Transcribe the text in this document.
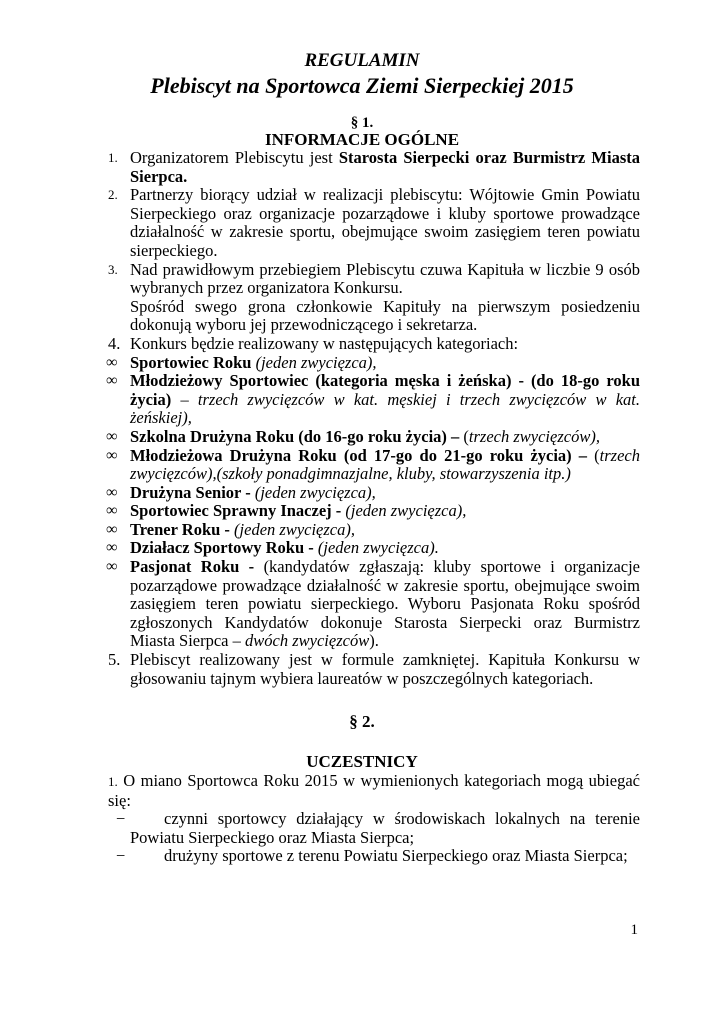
REGULAMIN
Plebiscyt na Sportowca Ziemi Sierpeckiej 2015
§ 1.
INFORMACJE OGÓLNE
1. Organizatorem Plebiscytu jest Starosta Sierpecki oraz Burmistrz Miasta Sierpca.
2. Partnerzy biorący udział w realizacji plebiscytu: Wójtowie Gmin Powiatu Sierpeckiego oraz organizacje pozarządowe i kluby sportowe prowadzące działalność w zakresie sportu, obejmujące swoim zasięgiem teren powiatu sierpeckiego.
3. Nad prawidłowym przebiegiem Plebiscytu czuwa Kapituła w liczbie 9 osób wybranych przez organizatora Konkursu.
Spośród swego grona członkowie Kapituły na pierwszym posiedzeniu dokonują wyboru jej przewodniczącego i sekretarza.
4. Konkurs będzie realizowany w następujących kategoriach:
∞ Sportowiec Roku (jeden zwycięzca),
∞ Młodzieżowy Sportowiec (kategoria męska i żeńska) - (do 18-go roku życia) – trzech zwycięzców w kat. męskiej i trzech zwycięzców w kat. żeńskiej),
∞ Szkolna Drużyna Roku (do 16-go roku życia) – (trzech zwycięzców),
∞ Młodzieżowa Drużyna Roku (od 17-go do 21-go roku życia) – (trzech zwycięzców),(szkoły ponadgimnazjalne, kluby, stowarzyszenia itp.)
∞ Drużyna Senior - (jeden zwycięzca),
∞ Sportowiec Sprawny Inaczej - (jeden zwycięzca),
∞ Trener Roku - (jeden zwycięzca),
∞ Działacz Sportowy Roku - (jeden zwycięzca).
∞ Pasjonat Roku - (kandydatów zgłaszają: kluby sportowe i organizacje pozarządowe prowadzące działalność w zakresie sportu, obejmujące swoim zasięgiem teren powiatu sierpeckiego. Wyboru Pasjonata Roku spośród zgłoszonych Kandydatów dokonuje Starosta Sierpecki oraz Burmistrz Miasta Sierpca – dwóch zwycięzców).
5. Plebiscyt realizowany jest w formule zamkniętej. Kapituła Konkursu w głosowaniu tajnym wybiera laureatów w poszczególnych kategoriach.
§ 2.
UCZESTNICY
1. O miano Sportowca Roku 2015 w wymienionych kategoriach mogą ubiegać się:
− czynni sportowcy działający w środowiskach lokalnych na terenie Powiatu Sierpeckiego oraz Miasta Sierpca;
− drużyny sportowe z terenu Powiatu Sierpeckiego oraz Miasta Sierpca;
1
